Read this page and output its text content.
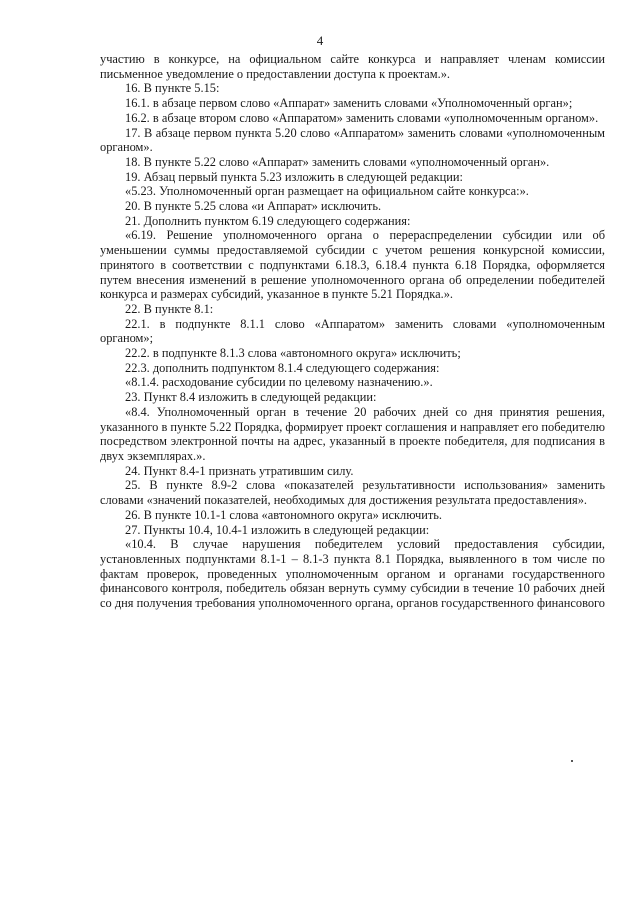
4

участию в конкурсе, на официальном сайте конкурса и направляет членам комиссии письменное уведомление о предоставлении доступа к проектам.».

16. В пункте 5.15:

16.1. в абзаце первом слово «Аппарат» заменить словами «Уполномоченный орган»;

16.2. в абзаце втором слово «Аппаратом» заменить словами «уполномоченным органом».

17. В абзаце первом пункта 5.20 слово «Аппаратом» заменить словами «уполномоченным органом».

18. В пункте 5.22 слово «Аппарат» заменить словами «уполномоченный орган».

19. Абзац первый пункта 5.23 изложить в следующей редакции:

«5.23. Уполномоченный орган размещает на официальном сайте конкурса:».

20. В пункте 5.25 слова «и Аппарат» исключить.

21. Дополнить пунктом 6.19 следующего содержания:

«6.19. Решение уполномоченного органа о перераспределении субсидии или об уменьшении суммы предоставляемой субсидии с учетом решения конкурсной комиссии, принятого в соответствии с подпунктами 6.18.3, 6.18.4 пункта 6.18 Порядка, оформляется путем внесения изменений в решение уполномоченного органа об определении победителей конкурса и размерах субсидий, указанное в пункте 5.21 Порядка.».

22. В пункте 8.1:

22.1. в подпункте 8.1.1 слово «Аппаратом» заменить словами «уполномоченным органом»;

22.2. в подпункте 8.1.3 слова «автономного округа» исключить;

22.3. дополнить подпунктом 8.1.4 следующего содержания:

«8.1.4. расходование субсидии по целевому назначению.».

23. Пункт 8.4 изложить в следующей редакции:

«8.4. Уполномоченный орган в течение 20 рабочих дней со дня принятия решения, указанного в пункте 5.22 Порядка, формирует проект соглашения и направляет его победителю посредством электронной почты на адрес, указанный в проекте победителя, для подписания в двух экземплярах.».

24. Пункт 8.4-1 признать утратившим силу.

25. В пункте 8.9-2 слова «показателей результативности использования» заменить словами «значений показателей, необходимых для достижения результата предоставления».

26. В пункте 10.1-1 слова «автономного округа» исключить.

27. Пункты 10.4, 10.4-1 изложить в следующей редакции:

«10.4. В случае нарушения победителем условий предоставления субсидии, установленных подпунктами 8.1-1 – 8.1-3 пункта 8.1 Порядка, выявленного в том числе по фактам проверок, проведенных уполномоченным органом и органами государственного финансового контроля, победитель обязан вернуть сумму субсидии в течение 10 рабочих дней со дня получения требования уполномоченного органа, органов государственного финансового
